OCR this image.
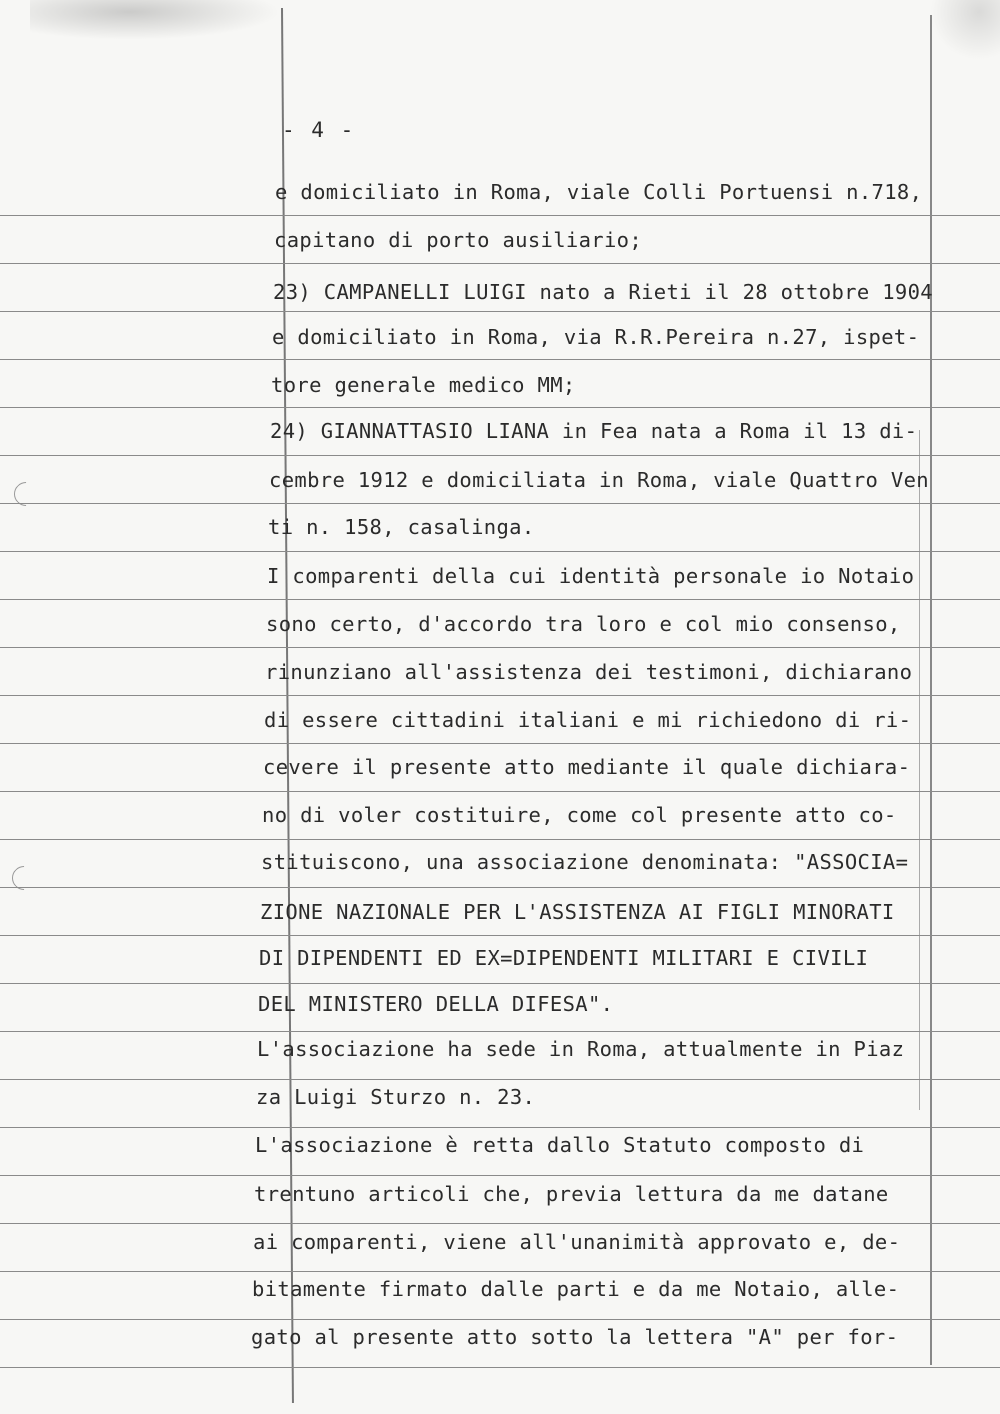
- 4 -
e domiciliato in Roma, viale Colli Portuensi n.718,
capitano di porto ausiliario;
23) CAMPANELLI LUIGI nato a Rieti il 28 ottobre 1904
e domiciliato in Roma, via R.R.Pereira n.27, ispet-
tore generale medico MM;
24) GIANNATTASIO LIANA in Fea nata a Roma il 13 di-
cembre 1912 e domiciliata in Roma, viale Quattro Ven
ti n. 158, casalinga.
I comparenti della cui identità personale io Notaio
sono certo, d'accordo tra loro e col mio consenso,
rinunziano all'assistenza dei testimoni, dichiarano
di essere cittadini italiani e mi richiedono di ri-
cevere il presente atto mediante il quale dichiara-
no di voler costituire, come col presente atto co-
stituiscono, una associazione denominata: "ASSOCIA=
ZIONE NAZIONALE PER L'ASSISTENZA AI FIGLI MINORATI
DI DIPENDENTI ED EX=DIPENDENTI MILITARI E CIVILI
DEL MINISTERO DELLA DIFESA".
L'associazione ha sede in Roma, attualmente in Piaz
za Luigi Sturzo n. 23.
L'associazione è retta dallo Statuto composto di
trentuno articoli che, previa lettura da me datane
ai comparenti, viene all'unanimità approvato e, de-
bitamente firmato dalle parti e da me Notaio, alle-
gato al presente atto sotto la lettera "A" per for-
